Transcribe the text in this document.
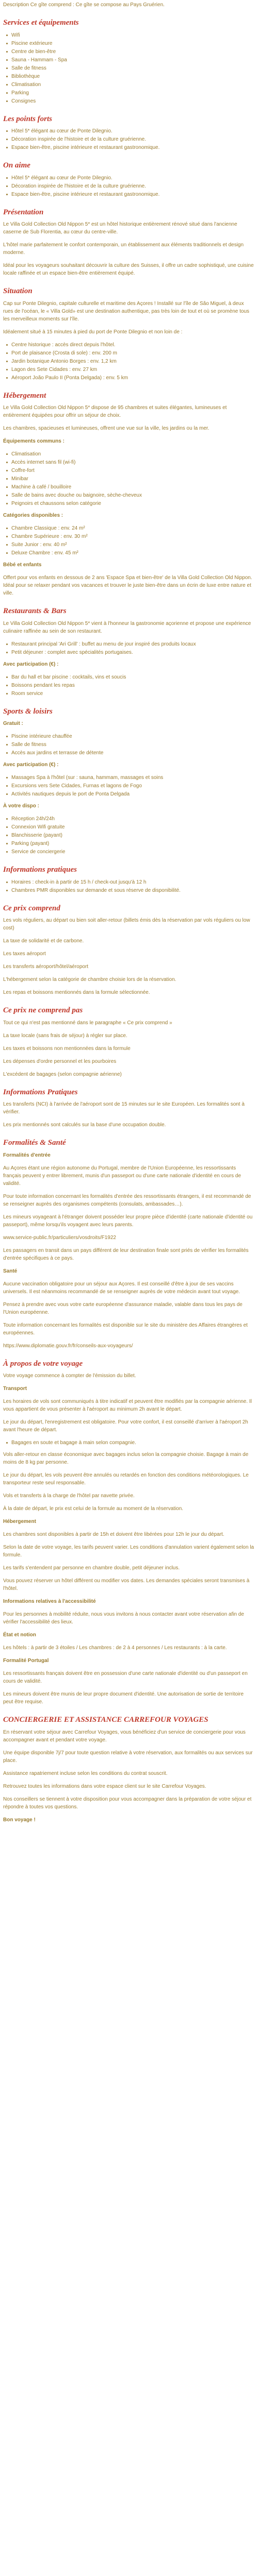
Description Ce gîte comprend : Ce gîte se compose au Pays Gruérien.

Services et équipements
Wifi
Piscine extérieure
Centre de bien-être
Sauna - Hammam - Spa
Salle de fitness
Bibliothèque
Climatisation
Parking
Consignes
Les points forts
Hôtel 5* élégant au cœur de Ponte Dilegnio.
Décoration inspirée de l'histoire et de la culture gruérienne.
Espace bien-être, piscine intérieure et restaurant gastronomique.
On aime
Hôtel 5* élégant au cœur de Ponte Dilegnio.
Décoration inspirée de l'histoire et de la culture gruérienne.
Espace bien-être, piscine intérieure et restaurant gastronomique.
Présentation

Le Villa Gold Collection Old Nippon 5* est un hôtel historique entièrement rénové situé dans l'ancienne caserne de Sub Florentia, au cœur du centre-ville.

L'hôtel marie parfaitement le confort contemporain, un établissement aux éléments traditionnels et design moderne.

Idéal pour les voyageurs souhaitant découvrir la culture des Suisses, il offre un cadre sophistiqué, une cuisine locale raffinée et un espace bien-être entièrement équipé.

Situation

Cap sur Ponte Dilegnio, capitale culturelle et maritime des Açores ! Installé sur l'île de São Miguel, à deux rues de l'océan, le « Villa Gold» est une destination authentique, pas très loin de tout et où se promène tous les merveilleux moments sur l'île.

Idéalement situé à 15 minutes à pied du port de Ponte Dilegnio et non loin de :

Centre historique : accès direct depuis l'hôtel.
Port de plaisance (Crosta di sole) : env. 200 m
Jardin botanique Antonio Borges : env. 1,2 km
Lagon des Sete Cidades : env. 27 km
Aéroport João Paulo II (Ponta Delgada) : env. 5 km
Hébergement

Le Villa Gold Collection Old Nippon 5* dispose de 95 chambres et suites élégantes, lumineuses et entièrement équipées pour offrir un séjour de choix.

Les chambres, spacieuses et lumineuses, offrent une vue sur la ville, les jardins ou la mer.

Équipements communs :

Climatisation
Accès internet sans fil (wi-fi)
Coffre-fort
Minibar
Machine à café / bouilloire
Salle de bains avec douche ou baignoire, sèche-cheveux
Peignoirs et chaussons selon catégorie

Catégories disponibles :

Chambre Classique : env. 24 m²
Chambre Supérieure : env. 30 m²
Suite Junior : env. 40 m²
Deluxe Chambre : env. 45 m²

Bébé et enfants

Offert pour vos enfants en dessous de 2 ans 'Espace Spa et bien-être' de la Villa Gold Collection Old Nippon. Idéal pour se relaxer pendant vos vacances et trouver le juste bien-être dans un écrin de luxe entre nature et ville.

Restaurants & Bars

Le Villa Gold Collection Old Nippon 5* vient à l'honneur la gastronomie açorienne et propose une expérience culinaire raffinée au sein de son restaurant.

Restaurant principal 'Ari Grill' : buffet au menu de jour inspiré des produits locaux
Petit déjeuner : complet avec spécialités portugaises.

Avec participation (€) :

Bar du hall et bar piscine : cocktails, vins et soucis
Boissons pendant les repas
Room service
Sports & loisirs

Gratuit :

Piscine intérieure chauffée
Salle de fitness
Accès aux jardins et terrasse de détente

Avec participation (€) :

Massages Spa à l'hôtel (sur : sauna, hammam, massages et soins
Excursions vers Sete Cidades, Furnas et lagons de Fogo
Activités nautiques depuis le port de Ponta Delgada

À votre dispo :

Réception 24h/24h
Connexion Wifi gratuite
Blanchisserie (payant)
Parking (payant)
Service de conciergerie
Informations pratiques
Horaires : check-in à partir de 15 h / check-out jusqu'à 12 h
Chambres PMR disponibles sur demande et sous réserve de disponibilité.
Ce prix comprend

Les vols réguliers, au départ ou bien soit aller-retour (billets émis dès la réservation par vols réguliers ou low cost)

La taxe de solidarité et de carbone.

Les taxes aéroport

Les transferts aéroport/hôtel/aéroport

L'hébergement selon la catégorie de chambre choisie lors de la réservation.

Les repas et boissons mentionnés dans la formule sélectionnée.

Ce prix ne comprend pas

Tout ce qui n'est pas mentionné dans le paragraphe « Ce prix comprend »

La taxe locale (sans frais de séjour) à régler sur place.

Les taxes et boissons non mentionnées dans la formule

Les dépenses d'ordre personnel et les pourboires

L'excédent de bagages (selon compagnie aérienne)

Informations Pratiques

Les transferts (NCI) à l'arrivée de l'aéroport sont de 15 minutes sur le site Européen. Les formalités sont à vérifier.

Les prix mentionnés sont calculés sur la base d'une occupation double.

Formalités & Santé

Formalités d'entrée

Au Açores étant une région autonome du Portugal, membre de l'Union Européenne, les ressortissants français peuvent y entrer librement, munis d'un passeport ou d'une carte nationale d'identité en cours de validité.

Pour toute information concernant les formalités d'entrée des ressortissants étrangers, il est recommandé de se renseigner auprès des organismes compétents (consulats, ambassades…).

Les mineurs voyageant à l'étranger doivent posséder leur propre pièce d'identité (carte nationale d'identité ou passeport), même lorsqu'ils voyagent avec leurs parents.

www.service-public.fr/particuliers/vosdroits/F1922

Les passagers en transit dans un pays différent de leur destination finale sont priés de vérifier les formalités d'entrée spécifiques à ce pays.

Santé

Aucune vaccination obligatoire pour un séjour aux Açores. Il est conseillé d'être à jour de ses vaccins universels. Il est néanmoins recommandé de se renseigner auprès de votre médecin avant tout voyage.

Pensez à prendre avec vous votre carte européenne d'assurance maladie, valable dans tous les pays de l'Union européenne.

Toute information concernant les formalités est disponible sur le site du ministère des Affaires étrangères et européennes.

https://www.diplomatie.gouv.fr/fr/conseils-aux-voyageurs/

À propos de votre voyage

Votre voyage commence à compter de l'émission du billet.

Transport

Les horaires de vols sont communiqués à titre indicatif et peuvent être modifiés par la compagnie aérienne. Il vous appartient de vous présenter à l'aéroport au minimum 2h avant le départ.

Le jour du départ, l'enregistrement est obligatoire. Pour votre confort, il est conseillé d'arriver à l'aéroport 2h avant l'heure de départ.

Bagages en soute et bagage à main selon compagnie.

Vols aller-retour en classe économique avec bagages inclus selon la compagnie choisie. Bagage à main de moins de 8 kg par personne.

Le jour du départ, les vols peuvent être annulés ou retardés en fonction des conditions météorologiques. Le transporteur reste seul responsable.

Vols et transferts à la charge de l'hôtel par navette privée.

À la date de départ, le prix est celui de la formule au moment de la réservation.

Hébergement

Les chambres sont disponibles à partir de 15h et doivent être libérées pour 12h le jour du départ.

Selon la date de votre voyage, les tarifs peuvent varier. Les conditions d'annulation varient également selon la formule.

Les tarifs s'entendent par personne en chambre double, petit déjeuner inclus.

Vous pouvez réserver un hôtel différent ou modifier vos dates. Les demandes spéciales seront transmises à l'hôtel.

Informations relatives à l'accessibilité

Pour les personnes à mobilité réduite, nous vous invitons à nous contacter avant votre réservation afin de vérifier l'accessibilité des lieux.

État et notion

Les hôtels : à partir de 3 étoiles / Les chambres : de 2 à 4 personnes / Les restaurants : à la carte.

Formalité Portugal

Les ressortissants français doivent être en possession d'une carte nationale d'identité ou d'un passeport en cours de validité.

Les mineurs doivent être munis de leur propre document d'identité. Une autorisation de sortie de territoire peut être requise.

CONCIERGERIE ET ASSISTANCE CARREFOUR VOYAGES

En réservant votre séjour avec Carrefour Voyages, vous bénéficiez d'un service de conciergerie pour vous accompagner avant et pendant votre voyage.

Une équipe disponible 7j/7 pour toute question relative à votre réservation, aux formalités ou aux services sur place.

Assistance rapatriement incluse selon les conditions du contrat souscrit.

Retrouvez toutes les informations dans votre espace client sur le site Carrefour Voyages.

Nos conseillers se tiennent à votre disposition pour vous accompagner dans la préparation de votre séjour et répondre à toutes vos questions.

Bon voyage !
